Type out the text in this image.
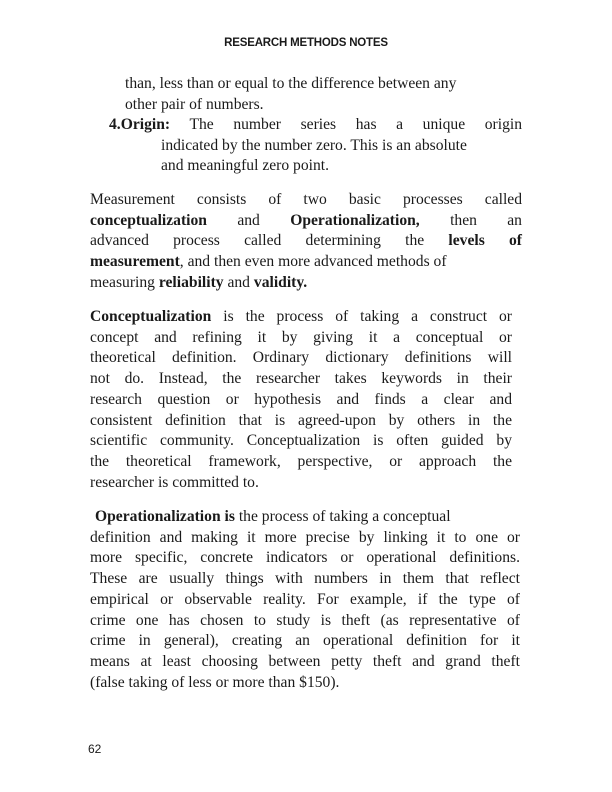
RESEARCH METHODS NOTES
than, less than or equal to the difference between any
other pair of numbers.
4.Origin: The number series has a unique origin
indicated by the number zero. This is an absolute
and meaningful zero point.
Measurement consists of two basic processes called
conceptualization and Operationalization, then an
advanced process called determining the levels of
measurement, and then even more advanced methods of
measuring reliability and validity.
Conceptualization is the process of taking a construct or
concept and refining it by giving it a conceptual or
theoretical definition. Ordinary dictionary definitions will
not do. Instead, the researcher takes keywords in their
research question or hypothesis and finds a clear and
consistent definition that is agreed-upon by others in the
scientific community. Conceptualization is often guided by
the theoretical framework, perspective, or approach the
researcher is committed to.
Operationalization is the process of taking a conceptual
definition and making it more precise by linking it to one or
more specific, concrete indicators or operational definitions.
These are usually things with numbers in them that reflect
empirical or observable reality. For example, if the type of
crime one has chosen to study is theft (as representative of
crime in general), creating an operational definition for it
means at least choosing between petty theft and grand theft
(false taking of less or more than $150).
62
